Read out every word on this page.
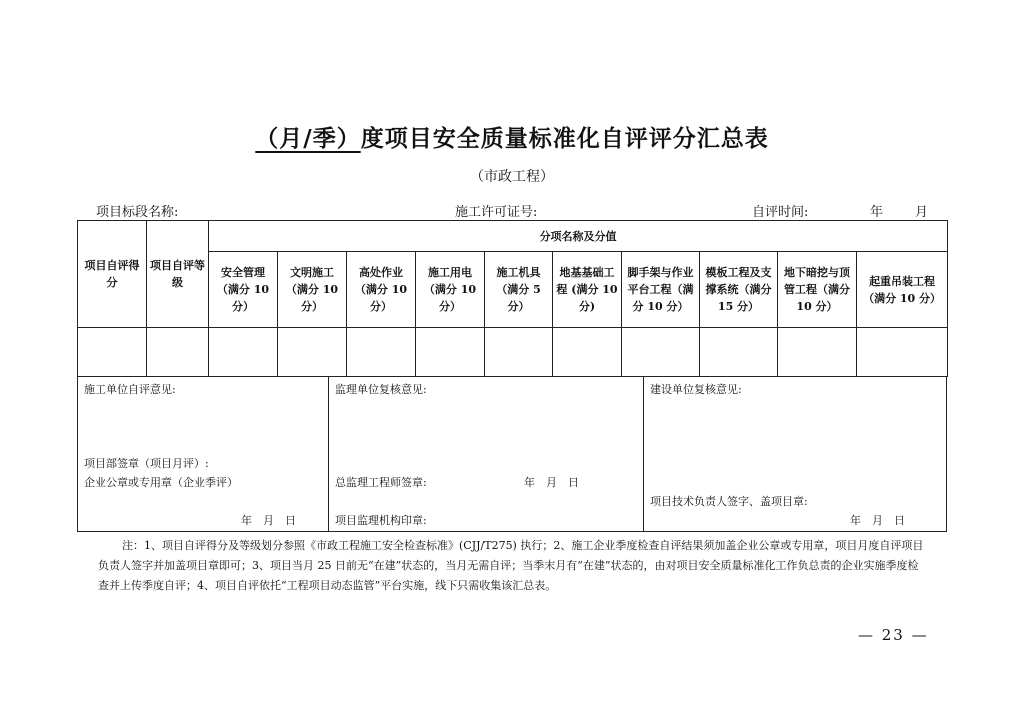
（月/季）度项目安全质量标准化自评评分汇总表
（市政工程）
项目标段名称:	施工许可证号:	自评时间:	年 月
项目自评得分	项目自评等级	分项名称及分值									
		安全管理（满分 10 分）	文明施工（满分 10 分）	高处作业（满分 10 分）	施工用电（满分 10 分）	施工机具（满分 5 分）	地基基础工程 (满分 10 分)	脚手架与作业平台工程（满分 10 分）	模板工程及支撑系统（满分 15 分）	地下暗挖与顶管工程（满分 10 分）	起重吊装工程（满分 10 分）

施工单位自评意见:
项目部签章（项目月评）:
企业公章或专用章（企业季评）
年　月　日
监理单位复核意见:
总监理工程师签章:	年　月　日
项目监理机构印章:
建设单位复核意见:
项目技术负责人签字、盖项目章:
年　月　日
注：1、项目自评得分及等级划分参照《市政工程施工安全检查标准》(CJJ/T275) 执行；2、施工企业季度检查自评结果须加盖企业公章或专用章，项目月度自评项目负责人签字并加盖项目章即可；3、项目当月 25 日前无“在建”状态的，当月无需自评；当季末月有“在建”状态的，由对项目安全质量标准化工作负总责的企业实施季度检查并上传季度自评；4、项目自评依托“工程项目动态监管”平台实施，线下只需收集该汇总表。
— 23 —
